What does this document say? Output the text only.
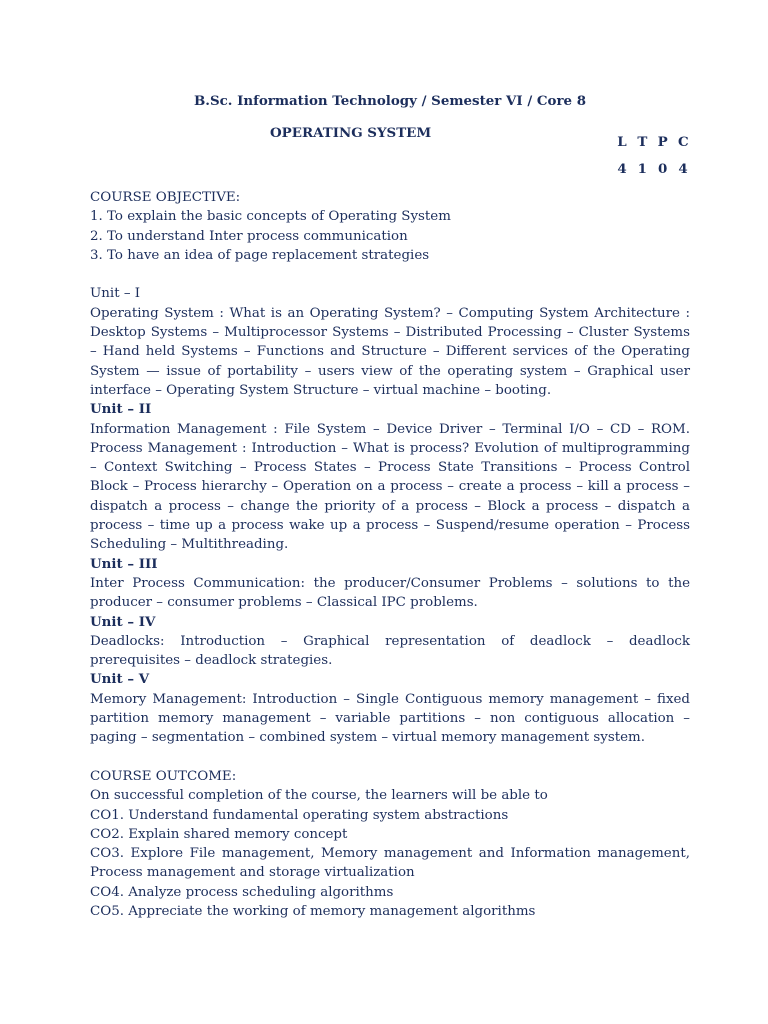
B.Sc. Information Technology / Semester VI / Core 8
OPERATING SYSTEM
L T P C
4 1 0 4
COURSE OBJECTIVE:
1. To explain the basic concepts of Operating System
2. To understand Inter process communication
3. To have an idea of page replacement strategies
Unit – I
Operating System : What is an Operating System? – Computing System Architecture : Desktop Systems – Multiprocessor Systems – Distributed Processing – Cluster Systems – Hand held Systems – Functions and Structure – Different services of the Operating System — issue of portability – users view of the operating system – Graphical user interface – Operating System Structure – virtual machine – booting.
Unit – II
Information Management : File System – Device Driver – Terminal I/O – CD – ROM. Process Management : Introduction – What is process? Evolution of multiprogramming – Context Switching – Process States – Process State Transitions – Process Control Block – Process hierarchy – Operation on a process – create a process – kill a process – dispatch a process – change the priority of a process – Block a process – dispatch a process – time up a process wake up a process – Suspend/resume operation – Process Scheduling – Multithreading.
Unit – III
Inter Process Communication: the producer/Consumer Problems – solutions to the producer – consumer problems – Classical IPC problems.
Unit – IV
Deadlocks: Introduction – Graphical representation of deadlock – deadlock prerequisites – deadlock strategies.
Unit – V
Memory Management: Introduction – Single Contiguous memory management – fixed partition memory management – variable partitions – non contiguous allocation – paging – segmentation – combined system – virtual memory management system.
COURSE OUTCOME:
On successful completion of the course, the learners will be able to
CO1. Understand fundamental operating system abstractions
CO2. Explain shared memory concept
CO3. Explore File management, Memory management and Information management, Process management and storage virtualization
CO4. Analyze process scheduling algorithms
CO5. Appreciate the working of memory management algorithms
